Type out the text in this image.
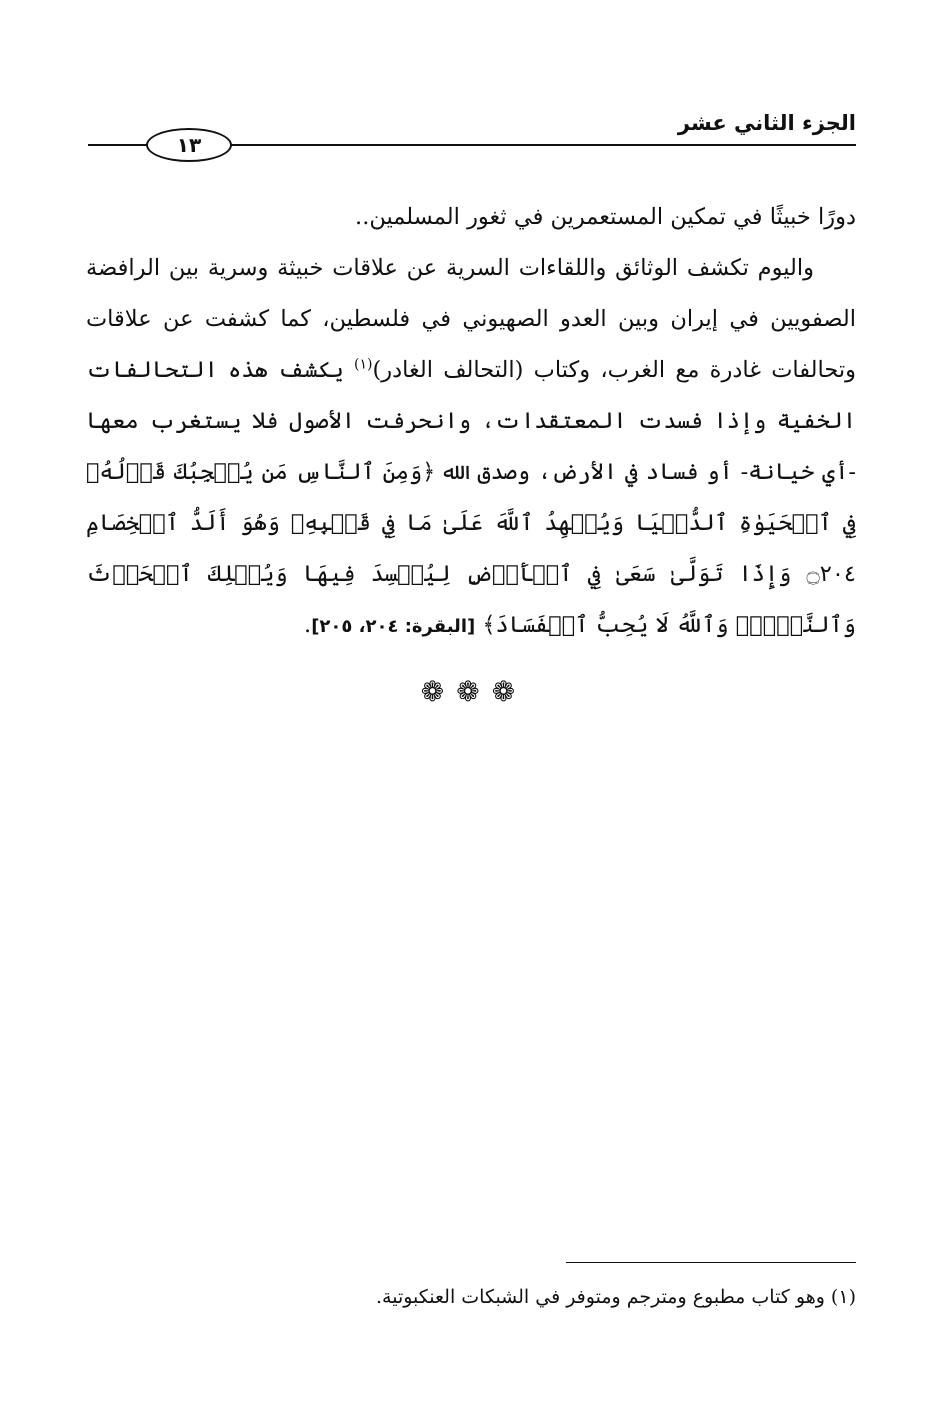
الجزء الثاني عشر
١٣

دورًا خبيثًا في تمكين المستعمرين في ثغور المسلمين..

واليوم تكشف الوثائق واللقاءات السرية عن علاقات خبيثة وسرية بين الرافضة الصفويين في إيران وبين العدو الصهيوني في فلسطين، كما كشفت عن علاقات وتحالفات غادرة مع الغرب، وكتاب (التحالف الغادر)$^{(١)}$ يكشف هذه التحالفات الخفية وإذا فسدت المعتقدات، وانحرفت الأصول فلا يستغرب معها -أي خيانة- أو فساد في الأرض، وصدق الله ﴿وَمِنَ ٱلنَّاسِ مَن يُعۡجِبُكَ قَوۡلُهُۥ فِي ٱلۡحَيَوٰةِ ٱلدُّنۡيَا وَيُشۡهِدُ ٱللَّهَ عَلَىٰ مَا فِي قَلۡبِهِۦ وَهُوَ أَلَدُّ ٱلۡخِصَامِ ۝٢٠٤ وَإِذَا تَوَلَّىٰ سَعَىٰ فِي ٱلۡأَرۡضِ لِيُفۡسِدَ فِيهَا وَيُهۡلِكَ ٱلۡحَرۡثَ وَٱلنَّسۡلَۚ وَٱللَّهُ لَا يُحِبُّ ٱلۡفَسَادَ﴾ [البقرة: ٢٠٤، ٢٠٥].

❁ ❁ ❁
(١) وهو كتاب مطبوع ومترجم ومتوفر في الشبكات العنكبوتية.
